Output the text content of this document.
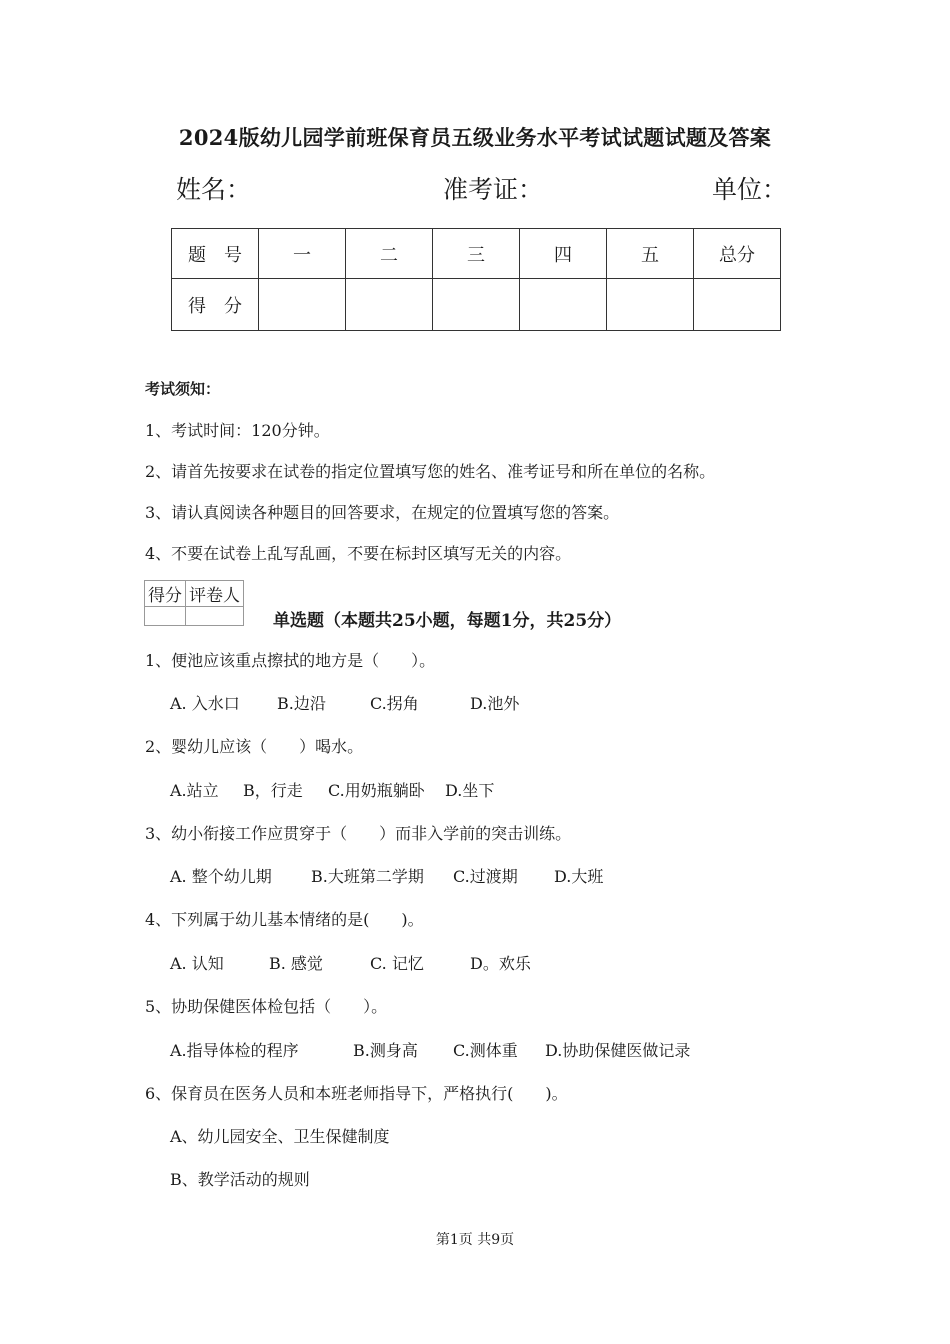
2024版幼儿园学前班保育员五级业务水平考试试题试题及答案
姓名：	准考证：	单位：
题　号	一	二	三	四	五	总分
得　分						
考试须知：
1、考试时间：120分钟。
2、请首先按要求在试卷的指定位置填写您的姓名、准考证号和所在单位的名称。
3、请认真阅读各种题目的回答要求，在规定的位置填写您的答案。
4、不要在试卷上乱写乱画，不要在标封区填写无关的内容。
得分	评卷人

单选题（本题共25小题，每题1分，共25分）
1、便池应该重点擦拭的地方是（　　）。
A. 入水口 B.边沿	C.拐角	D.池外
2、婴幼儿应该（　　）喝水。
A.站立 B，行走 C.用奶瓶躺卧 D.坐下
3、幼小衔接工作应贯穿于（　　）而非入学前的突击训练。
A. 整个幼儿期 B.大班第二学期 C.过渡期 D.大班
4、下列属于幼儿基本情绪的是(　　)。
A. 认知	B. 感觉	C. 记忆	D。欢乐
5、协助保健医体检包括（　　）。
A.指导体检的程序	B.测身高 C.测体重 D.协助保健医做记录
6、保育员在医务人员和本班老师指导下，严格执行(　　)。
A、幼儿园安全、卫生保健制度
B、教学活动的规则
第1页 共9页
